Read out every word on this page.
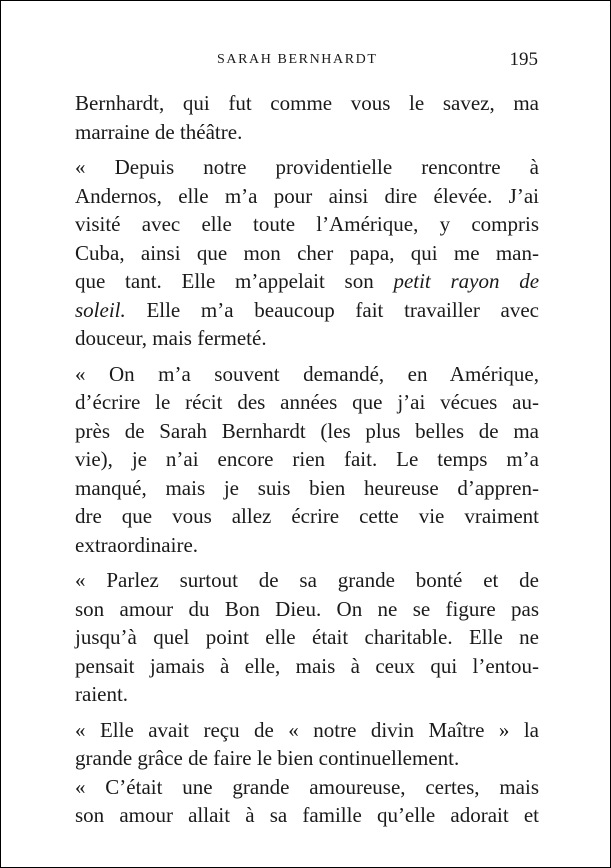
SARAH BERNHARDT	195

Bernhardt, qui fut comme vous le savez, ma
marraine de théâtre.

« Depuis notre providentielle rencontre à
Andernos, elle m’a pour ainsi dire élevée. J’ai
visité avec elle toute l’Amérique, y compris
Cuba, ainsi que mon cher papa, qui me man-
que tant. Elle m’appelait son petit rayon de
soleil. Elle m’a beaucoup fait travailler avec
douceur, mais fermeté.

« On m’a souvent demandé, en Amérique,
d’écrire le récit des années que j’ai vécues au-
près de Sarah Bernhardt (les plus belles de ma
vie), je n’ai encore rien fait. Le temps m’a
manqué, mais je suis bien heureuse d’appren-
dre que vous allez écrire cette vie vraiment
extraordinaire.

« Parlez surtout de sa grande bonté et de
son amour du Bon Dieu. On ne se figure pas
jusqu’à quel point elle était charitable. Elle ne
pensait jamais à elle, mais à ceux qui l’entou-
raient.

« Elle avait reçu de « notre divin Maître » la
grande grâce de faire le bien continuellement.

« C’était une grande amoureuse, certes, mais
son amour allait à sa famille qu’elle adorait et
